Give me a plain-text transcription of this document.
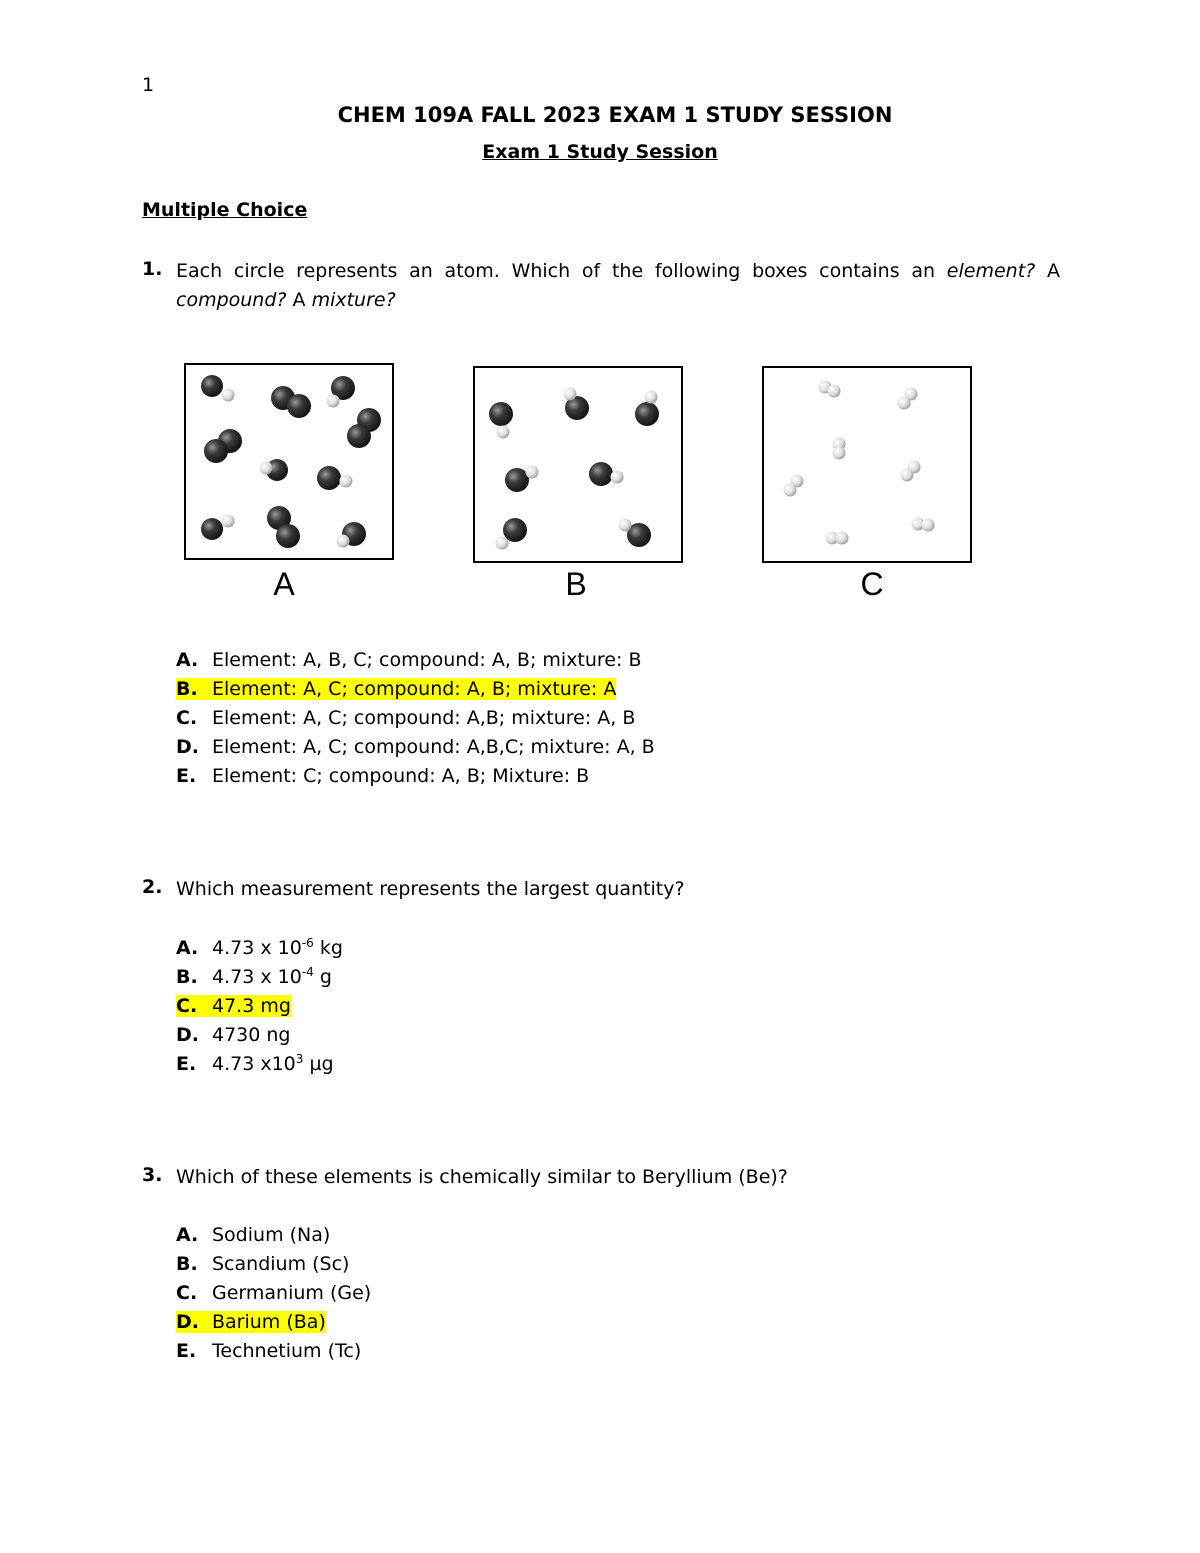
1
CHEM 109A FALL 2023 EXAM 1 STUDY SESSION
Exam 1 Study Session
Multiple Choice
1. Each circle represents an atom. Which of the following boxes contains an element? A
compound? A mixture?
A	B	C
A. Element: A, B, C; compound: A, B; mixture: B
B. Element: A, C; compound: A, B; mixture: A
C. Element: A, C; compound: A,B; mixture: A, B
D. Element: A, C; compound: A,B,C; mixture: A, B
E. Element: C; compound: A, B; Mixture: B
2. Which measurement represents the largest quantity?
A. 4.73 x $10^{-6}$ kg
B. 4.73 x $10^{-4}$ g
C. 47.3 mg
D. 4730 ng
E. 4.73 $x10^3$ µg
3. Which of these elements is chemically similar to Beryllium (Be)?
A. Sodium (Na)
B. Scandium (Sc)
C. Germanium (Ge)
D. Barium (Ba)
E. Technetium (Tc)
